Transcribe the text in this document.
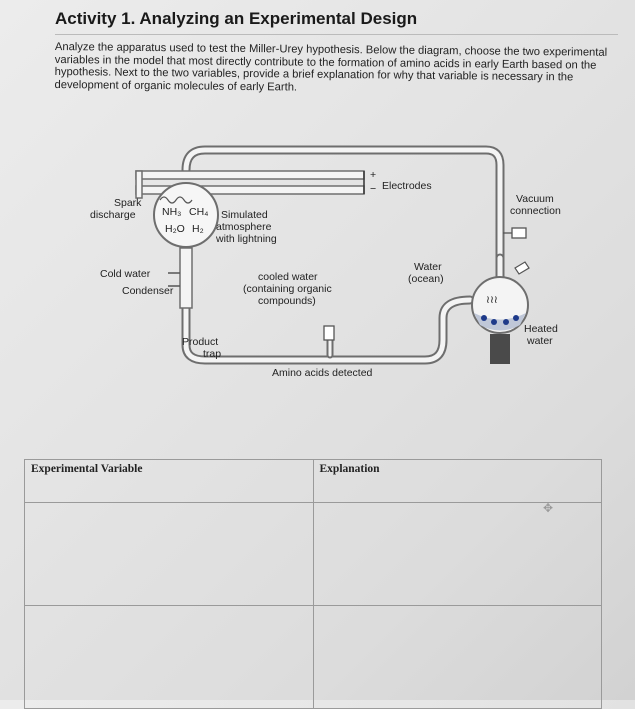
Activity 1. Analyzing an Experimental Design
Analyze the apparatus used to test the Miller-Urey hypothesis. Below the diagram, choose the two experimental variables in the model that most directly contribute to the formation of amino acids in early Earth based on the hypothesis. Next to the two variables, provide a brief explanation for why that variable is necessary in the development of organic molecules of early Earth.
+
− Electrodes
NH₃ CH₄
H₂O H₂
Spark
discharge	Simulated
atmosphere
with lightning
Cold water
Condenser
cooled water
(containing organic
compounds)
Product
trap
Amino acids detected
Vacuum
connection
≀≀≀
Water
(ocean)
Heated
water
Experimental Variable	Explanation

✥
